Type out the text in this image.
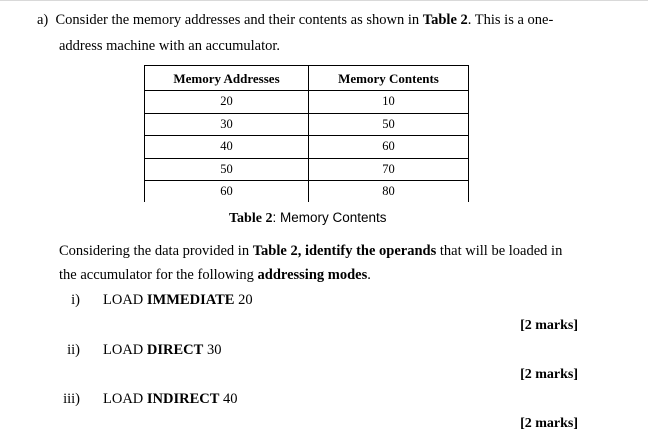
a) Consider the memory addresses and their contents as shown in Table 2. This is a one-
address machine with an accumulator.
Memory Addresses	Memory Contents
20	10
30	50
40	60
50	70
60	80
Table 2: Memory Contents
Considering the data provided in Table 2, identify the operands that will be loaded in
the accumulator for the following addressing modes.
i) LOAD IMMEDIATE 20
[2 marks]
ii) LOAD DIRECT 30
[2 marks]
iii) LOAD INDIRECT 40
[2 marks]
